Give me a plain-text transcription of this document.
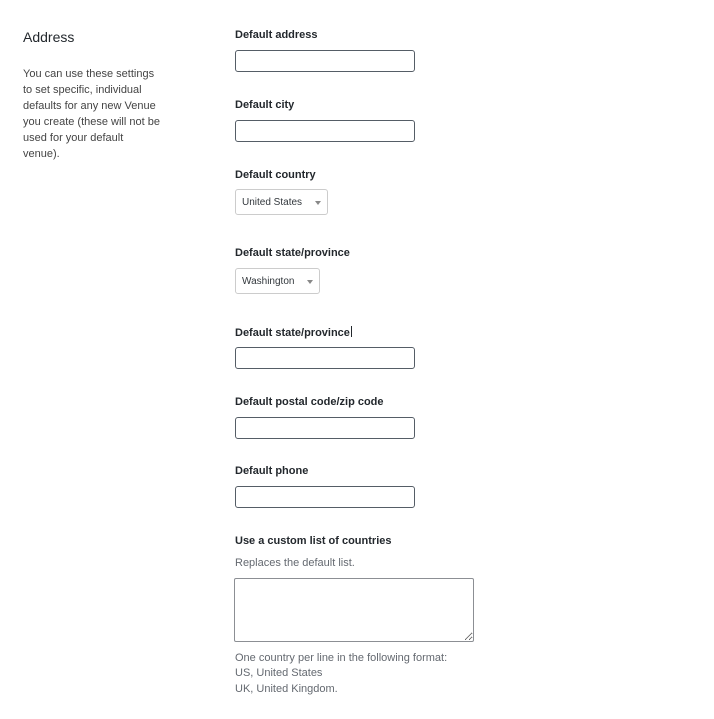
Address

You can use these settings to set specific, individual defaults for any new Venue you create (these will not be used for your default venue).

Default address
Default city
Default country
United States
Default state/province
Washington
Default state/province
Default postal code/zip code
Default phone
Use a custom list of countries
Replaces the default list.
One country per line in the following format:
US, United States
UK, United Kingdom.
